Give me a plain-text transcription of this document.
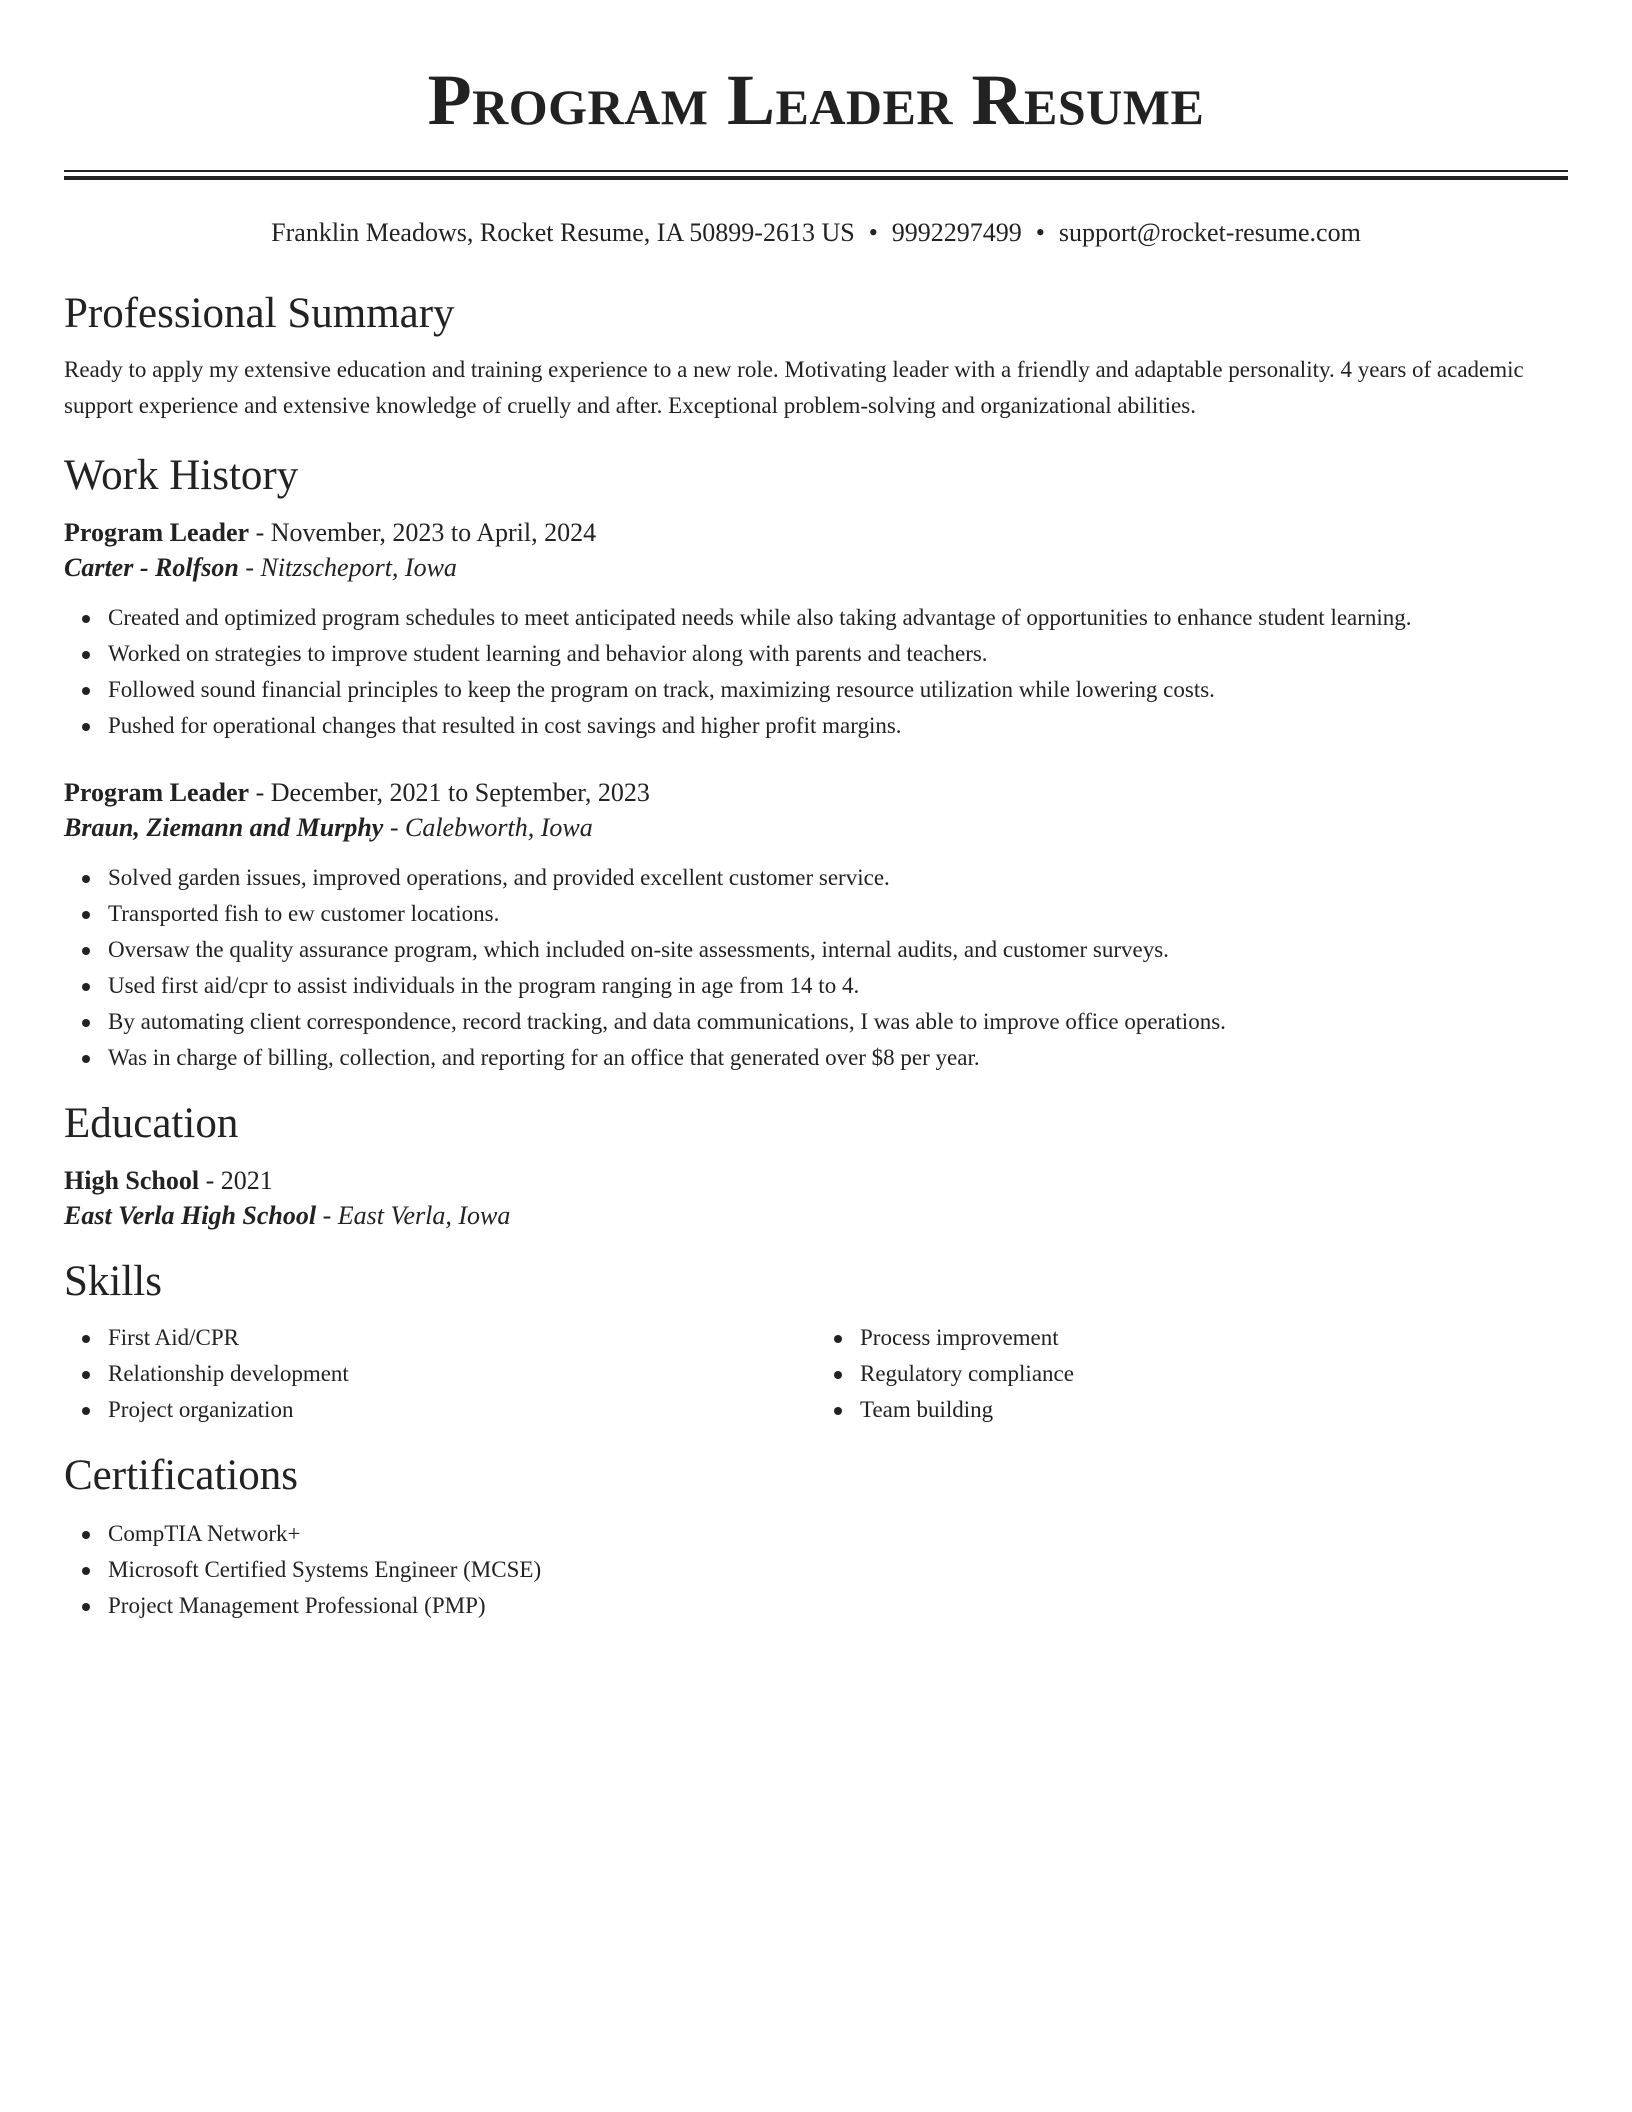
Program Leader Resume
Franklin Meadows, Rocket Resume, IA 50899-2613 US • 9992297499 • support@rocket-resume.com
Professional Summary

Ready to apply my extensive education and training experience to a new role. Motivating leader with a friendly and adaptable personality. 4 years of academic support experience and extensive knowledge of cruelly and after. Exceptional problem-solving and organizational abilities.

Work History
Program Leader - November, 2023 to April, 2024
Carter - Rolfson - Nitzscheport, Iowa
Created and optimized program schedules to meet anticipated needs while also taking advantage of opportunities to enhance student learning.
Worked on strategies to improve student learning and behavior along with parents and teachers.
Followed sound financial principles to keep the program on track, maximizing resource utilization while lowering costs.
Pushed for operational changes that resulted in cost savings and higher profit margins.
Program Leader - December, 2021 to September, 2023
Braun, Ziemann and Murphy - Calebworth, Iowa
Solved garden issues, improved operations, and provided excellent customer service.
Transported fish to ew customer locations.
Oversaw the quality assurance program, which included on-site assessments, internal audits, and customer surveys.
Used first aid/cpr to assist individuals in the program ranging in age from 14 to 4.
By automating client correspondence, record tracking, and data communications, I was able to improve office operations.
Was in charge of billing, collection, and reporting for an office that generated over $8 per year.
Education
High School - 2021
East Verla High School - East Verla, Iowa
Skills
First Aid/CPR
Relationship development
Project organization
Process improvement
Regulatory compliance
Team building
Certifications
CompTIA Network+
Microsoft Certified Systems Engineer (MCSE)
Project Management Professional (PMP)
